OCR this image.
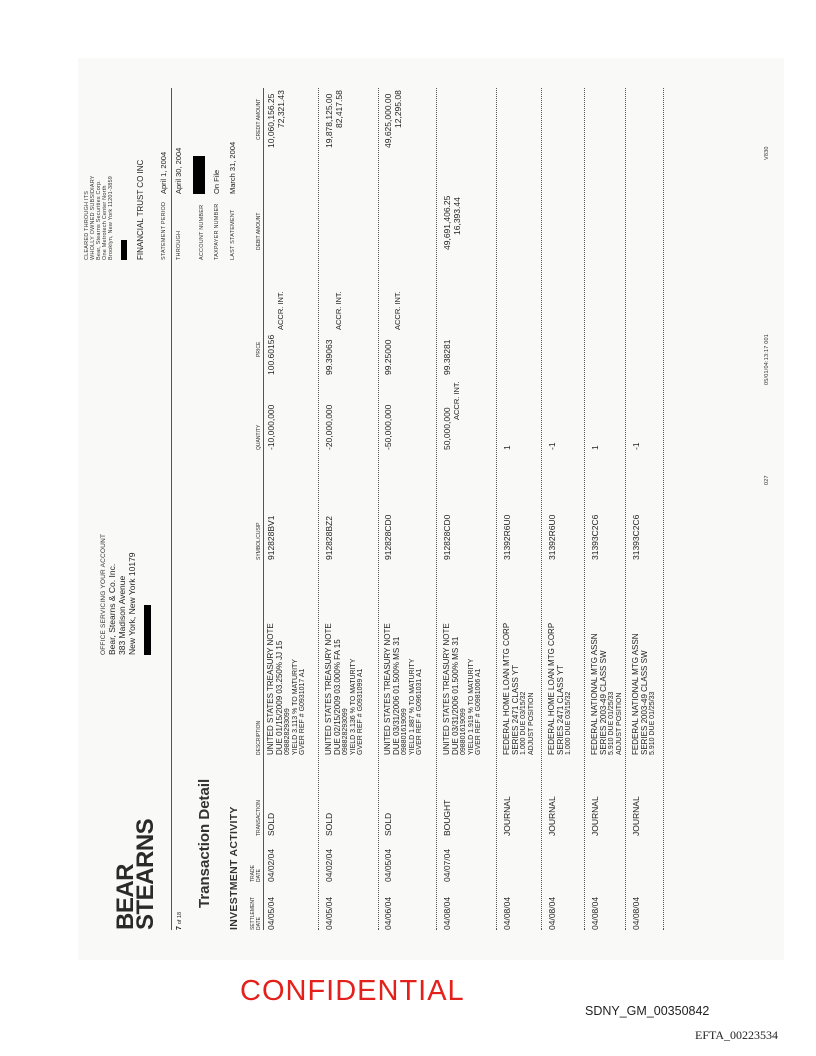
BEAR
STEARNS 7 of 18
OFFICE SERVICING YOUR ACCOUNT Bear, Stearns & Co. Inc. 383 Madison Avenue New York, New York 10179
CLEARED THROUGH ITS WHOLLY OWNED SUBSIDIARY Bear, Stearns Securities Corp. One Metrotech Center North Brooklyn, New York 11201-3859	FINANCIAL TRUST CO INC	STATEMENT PERIOD
April 1, 2004
THROUGH
April 30, 2004
ACCOUNT NUMBER
Transaction Detail INVESTMENT ACTIVITY
027
TAXPAYER NUMBER
On File
LAST STATEMENT
March 31, 2004
05/01/04:13:17 001
V830
SETTLEMENT DATE
TRADE DATE
TRANSACTION
DESCRIPTION
SYMBOL/CUSIP
QUANTITY
PRICE
DEBIT AMOUNT
CREDIT AMOUNT
04/05/04
04/02/04
SOLD
UNITED STATES TREASURY NOTE DUE 01/15/2009 03.250% JJ 15 098828293099 YIELD 3.113 % TO MATURITY GVER REF # G0931017 A1
912828BV1
-10,000,000
100.60156
ACCR. INT.
10,060,156.25 72,321.43
04/05/04
04/02/04
SOLD
UNITED STATES TREASURY NOTE DUE 02/15/2009 03.000% FA 15 098828293099 YIELD 3.136 % TO MATURITY GVER REF # G0931099 A1
912828BZ2
-20,000,000
99.39063
ACCR. INT.
19,878,125.00 82,417.58
04/06/04
04/05/04
SOLD
UNITED STATES TREASURY NOTE DUE 03/31/2006 01.500% MS 31 098801619099 YIELD 1.887 % TO MATURITY GVER REF # G0961031 A1
912828CD0
-50,000,000
99.25000
ACCR. INT.
49,625,000.00 12,295.08
04/08/04
04/07/04
BOUGHT
UNITED STATES TREASURY NOTE DUE 03/31/2006 01.500% MS 31 098801619099 YIELD 1.919 % TO MATURITY GVER REF # G0981006 A1
912828CD0
50,000,000
ACCR. INT.
99.38281
49,691,406.25 16,393.44
04/08/04
JOURNAL
FEDERAL HOME LOAN MTG CORP SERIES 2471 CLASS YT 1.000 DUE 03/15/32 ADJUST POSITION
31392R6U0
1
04/08/04
JOURNAL
FEDERAL HOME LOAN MTG CORP SERIES 2471 CLASS YT 1.000 DUE 03/15/32
31392R6U0
-1
04/08/04
JOURNAL
FEDERAL NATIONAL MTG ASSN SERIES 2003-49 CLASS SW 5.910 DUE 01/25/33 ADJUST POSITION
31393C2C6
1
04/08/04
JOURNAL
FEDERAL NATIONAL MTG ASSN SERIES 2003-49 CLASS SW 5.910 DUE 01/25/33
31393C2C6
-1
CONFIDENTIAL
SDNY_GM_00350842
EFTA_00223534
